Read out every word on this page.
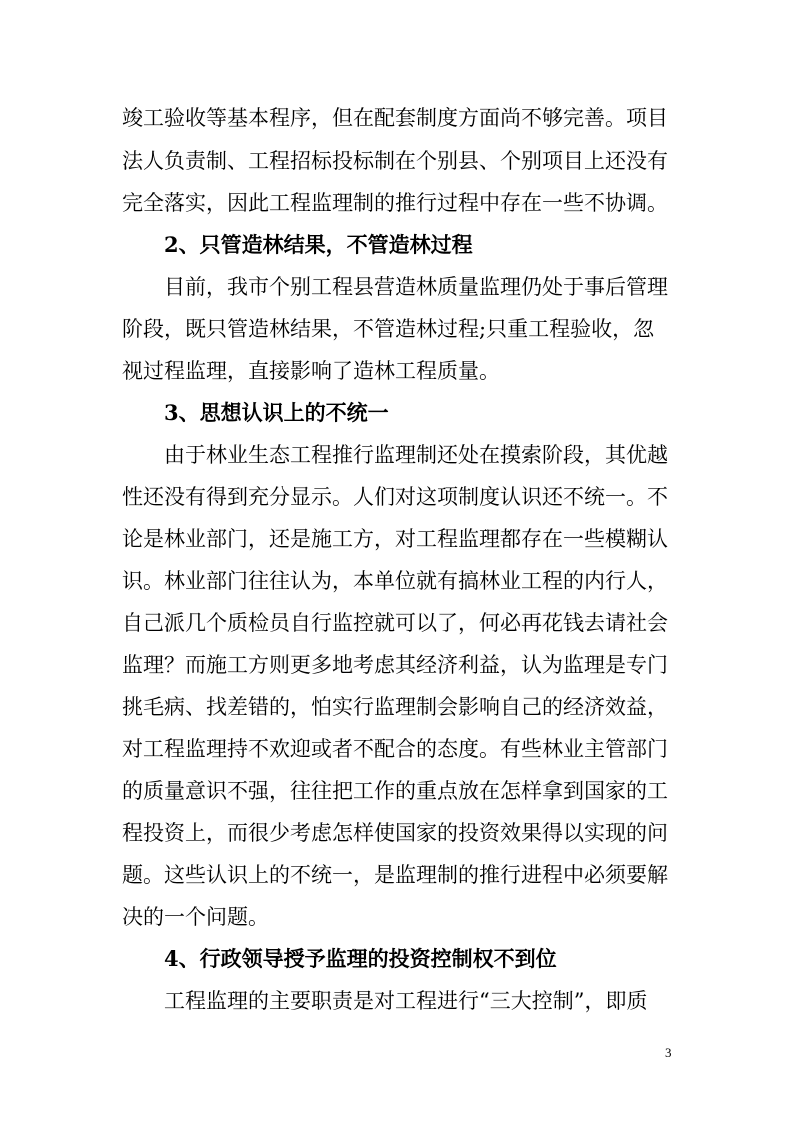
竣工验收等基本程序，但在配套制度方面尚不够完善。项目
法人负责制、工程招标投标制在个别县、个别项目上还没有
完全落实，因此工程监理制的推行过程中存在一些不协调。
2、只管造林结果，不管造林过程
目前，我市个别工程县营造林质量监理仍处于事后管理
阶段，既只管造林结果，不管造林过程;只重工程验收，忽
视过程监理，直接影响了造林工程质量。
3、思想认识上的不统一
由于林业生态工程推行监理制还处在摸索阶段，其优越
性还没有得到充分显示。人们对这项制度认识还不统一。不
论是林业部门，还是施工方，对工程监理都存在一些模糊认
识。林业部门往往认为，本单位就有搞林业工程的内行人，
自己派几个质检员自行监控就可以了，何必再花钱去请社会
监理？而施工方则更多地考虑其经济利益，认为监理是专门
挑毛病、找差错的，怕实行监理制会影响自己的经济效益，
对工程监理持不欢迎或者不配合的态度。有些林业主管部门
的质量意识不强，往往把工作的重点放在怎样拿到国家的工
程投资上，而很少考虑怎样使国家的投资效果得以实现的问
题。这些认识上的不统一，是监理制的推行进程中必须要解
决的一个问题。
4、行政领导授予监理的投资控制权不到位
工程监理的主要职责是对工程进行“三大控制”，即质
3
